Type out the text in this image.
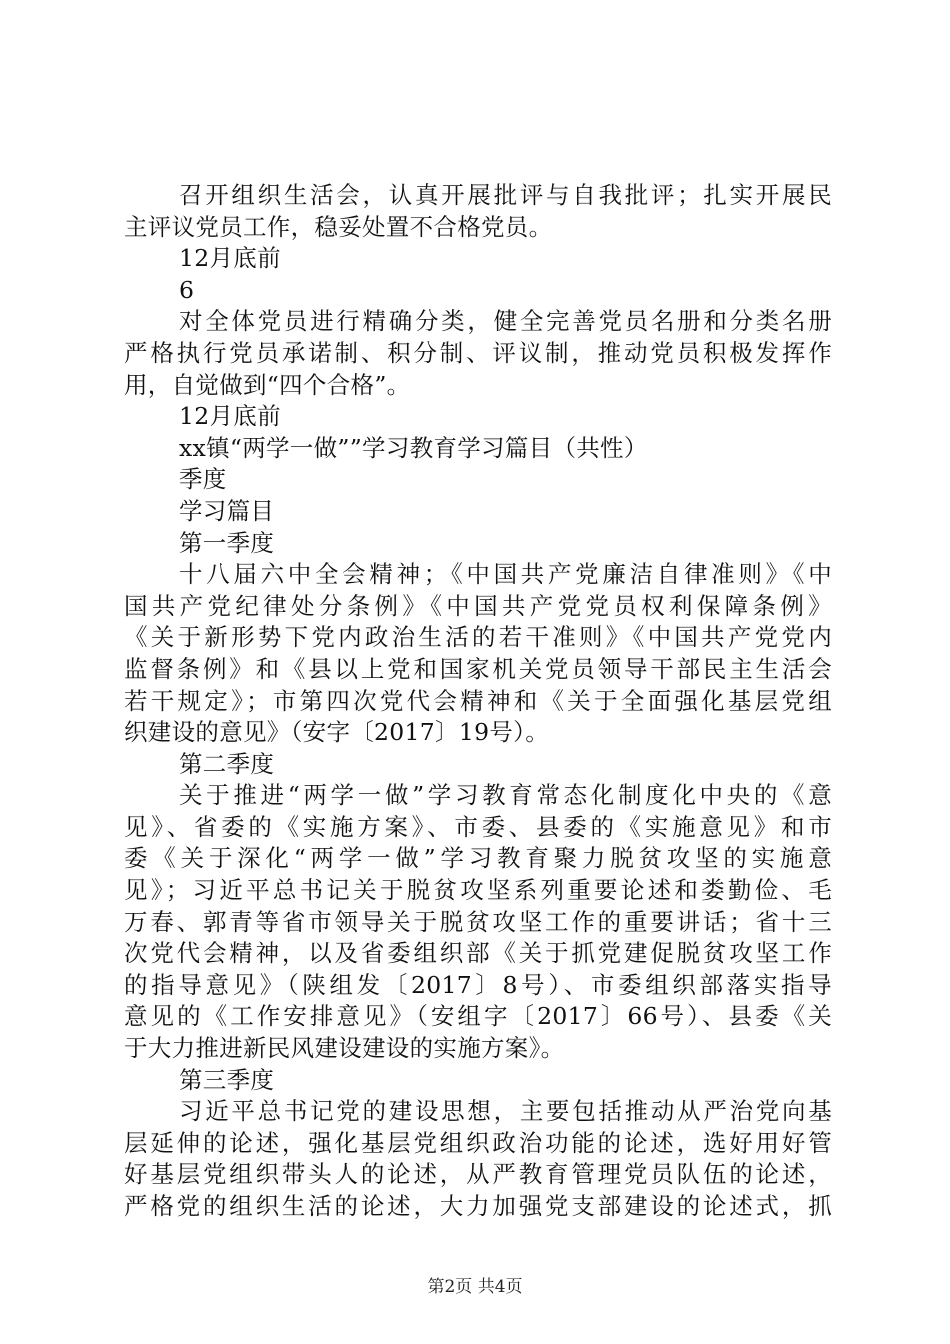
召开组织生活会，认真开展批评与自我批评；扎实开展民
主评议党员工作，稳妥处置不合格党员。
12月底前
6
对全体党员进行精确分类，健全完善党员名册和分类名册
严格执行党员承诺制、积分制、评议制，推动党员积极发挥作
用，自觉做到“四个合格”。
12月底前
xx镇“两学一做””学习教育学习篇目（共性）
季度
学习篇目
第一季度
十八届六中全会精神；《中国共产党廉洁自律准则》《中
国共产党纪律处分条例》《中国共产党党员权利保障条例》
《关于新形势下党内政治生活的若干准则》《中国共产党党内
监督条例》和《县以上党和国家机关党员领导干部民主生活会
若干规定》；市第四次党代会精神和《关于全面强化基层党组
织建设的意见》（安字〔2017〕19号）。
第二季度
关于推进“两学一做”学习教育常态化制度化中央的《意
见》、省委的《实施方案》、市委、县委的《实施意见》和市
委《关于深化“两学一做”学习教育聚力脱贫攻坚的实施意
见》；习近平总书记关于脱贫攻坚系列重要论述和娄勤俭、毛
万春、郭青等省市领导关于脱贫攻坚工作的重要讲话；省十三
次党代会精神，以及省委组织部《关于抓党建促脱贫攻坚工作
的指导意见》（陕组发〔2017〕8号）、市委组织部落实指导
意见的《工作安排意见》（安组字〔2017〕66号）、县委《关
于大力推进新民风建设建设的实施方案》。
第三季度
习近平总书记党的建设思想，主要包括推动从严治党向基
层延伸的论述，强化基层党组织政治功能的论述，选好用好管
好基层党组织带头人的论述，从严教育管理党员队伍的论述，
严格党的组织生活的论述，大力加强党支部建设的论述式，抓
第2页 共4页
